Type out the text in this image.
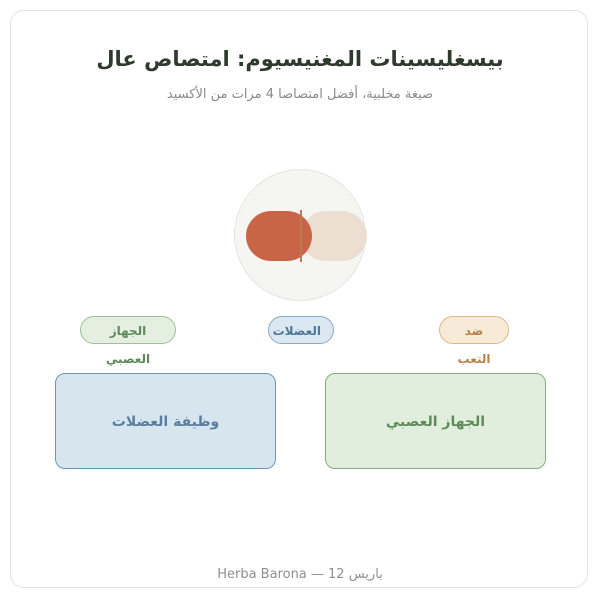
بيسغليسينات المغنيسيوم: امتصاص عال
صيغة مخلبية، أفضل امتصاصا 4 مرات من الأكسيد
ضد التعب
العضلات
الجهاز العصبي
الجهاز العصبي
وظيفة العضلات
Herba Barona — 12 باريس
